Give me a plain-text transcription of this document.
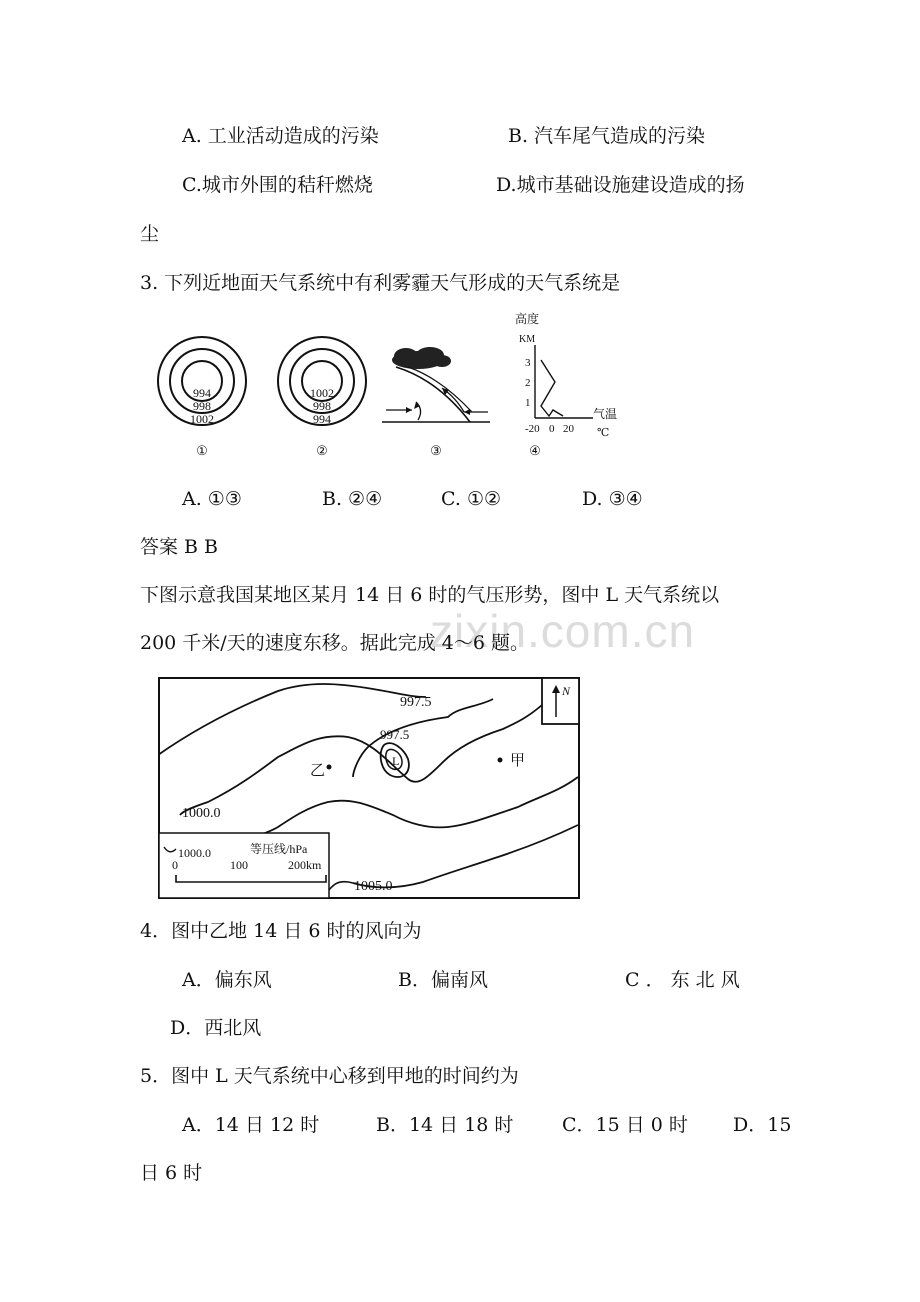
zixin.com.cn
A. 工业活动造成的污染	B. 汽车尾气造成的污染
C.城市外围的秸秆燃烧	D.城市基础设施建设造成的扬
尘
3. 下列近地面天气系统中有利雾霾天气形成的天气系统是
994
998
1002
①
1002
998
994
②	③
高度
KM
3
2
1
-20 0 20
气温
℃
④
A. ①③	B. ②④	C. ①②	D. ③④
答案 B B
下图示意我国某地区某月 14 日 6 时的气压形势，图中 L 天气系统以
200 千米/天的速度东移。据此完成 4～6 题。
997.5
997.5
L
乙
甲
N
1000.0
1005.0
1000.0	等压线/hPa
0	100	200km
4．图中乙地 14 日 6 时的风向为
A．偏东风	B．偏南风	C ． 东 北 风
D．西北风
5．图中 L 天气系统中心移到甲地的时间约为
A．14 日 12 时	B．14 日 18 时	C．15 日 0 时 D．15
日 6 时
